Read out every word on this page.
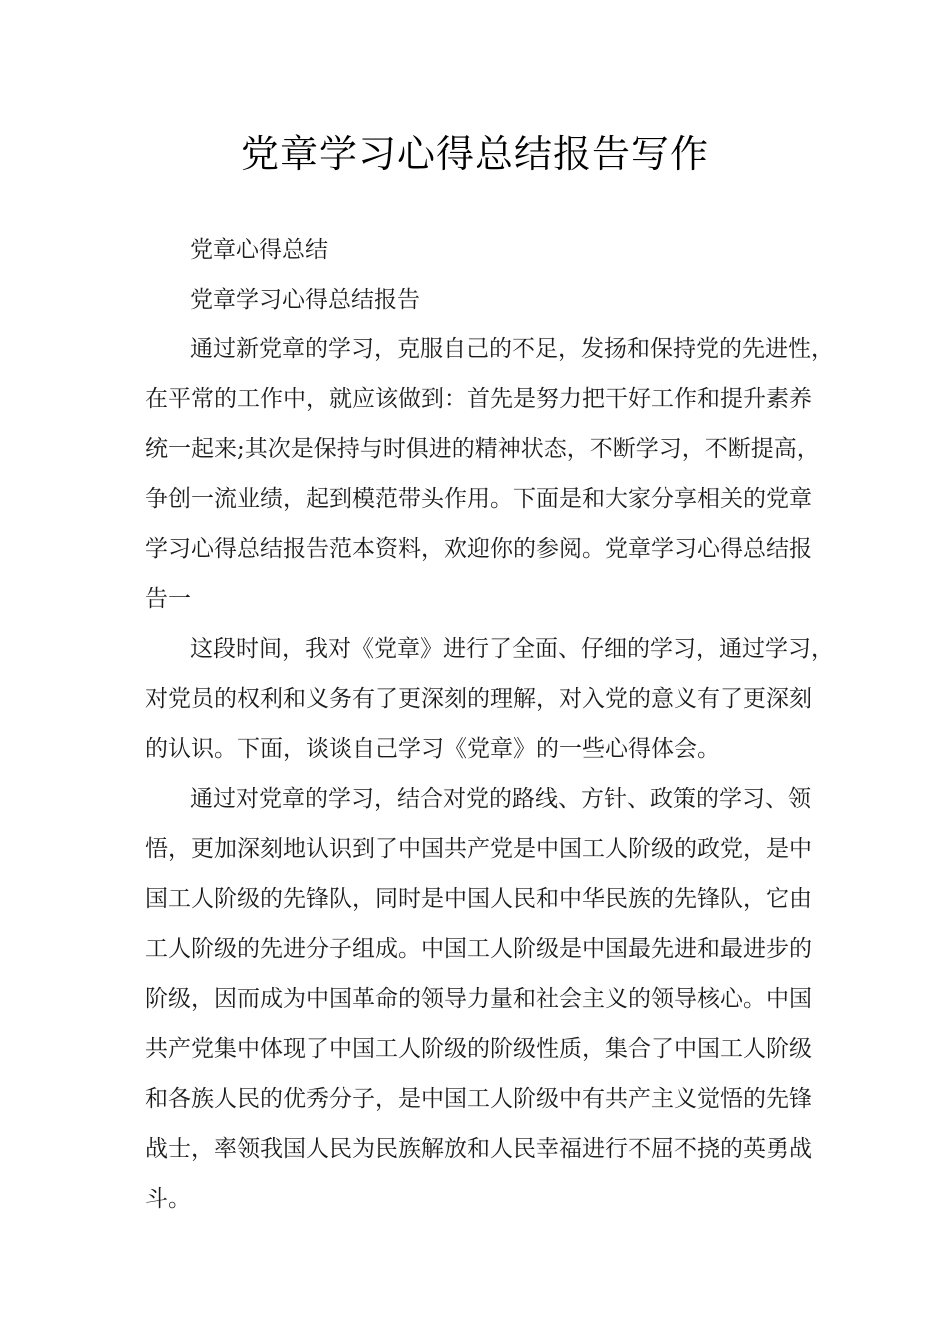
党章学习心得总结报告写作
党章心得总结
党章学习心得总结报告
通过新党章的学习，克服自己的不足，发扬和保持党的先进性，
在平常的工作中，就应该做到：首先是努力把干好工作和提升素养
统一起来;其次是保持与时俱进的精神状态，不断学习，不断提高，
争创一流业绩，起到模范带头作用。下面是和大家分享相关的党章
学习心得总结报告范本资料，欢迎你的参阅。党章学习心得总结报
告一
这段时间，我对《党章》进行了全面、仔细的学习，通过学习，
对党员的权利和义务有了更深刻的理解，对入党的意义有了更深刻
的认识。下面，谈谈自己学习《党章》的一些心得体会。
通过对党章的学习，结合对党的路线、方针、政策的学习、领
悟，更加深刻地认识到了中国共产党是中国工人阶级的政党，是中
国工人阶级的先锋队，同时是中国人民和中华民族的先锋队，它由
工人阶级的先进分子组成。中国工人阶级是中国最先进和最进步的
阶级，因而成为中国革命的领导力量和社会主义的领导核心。中国
共产党集中体现了中国工人阶级的阶级性质，集合了中国工人阶级
和各族人民的优秀分子，是中国工人阶级中有共产主义觉悟的先锋
战士，率领我国人民为民族解放和人民幸福进行不屈不挠的英勇战
斗。
